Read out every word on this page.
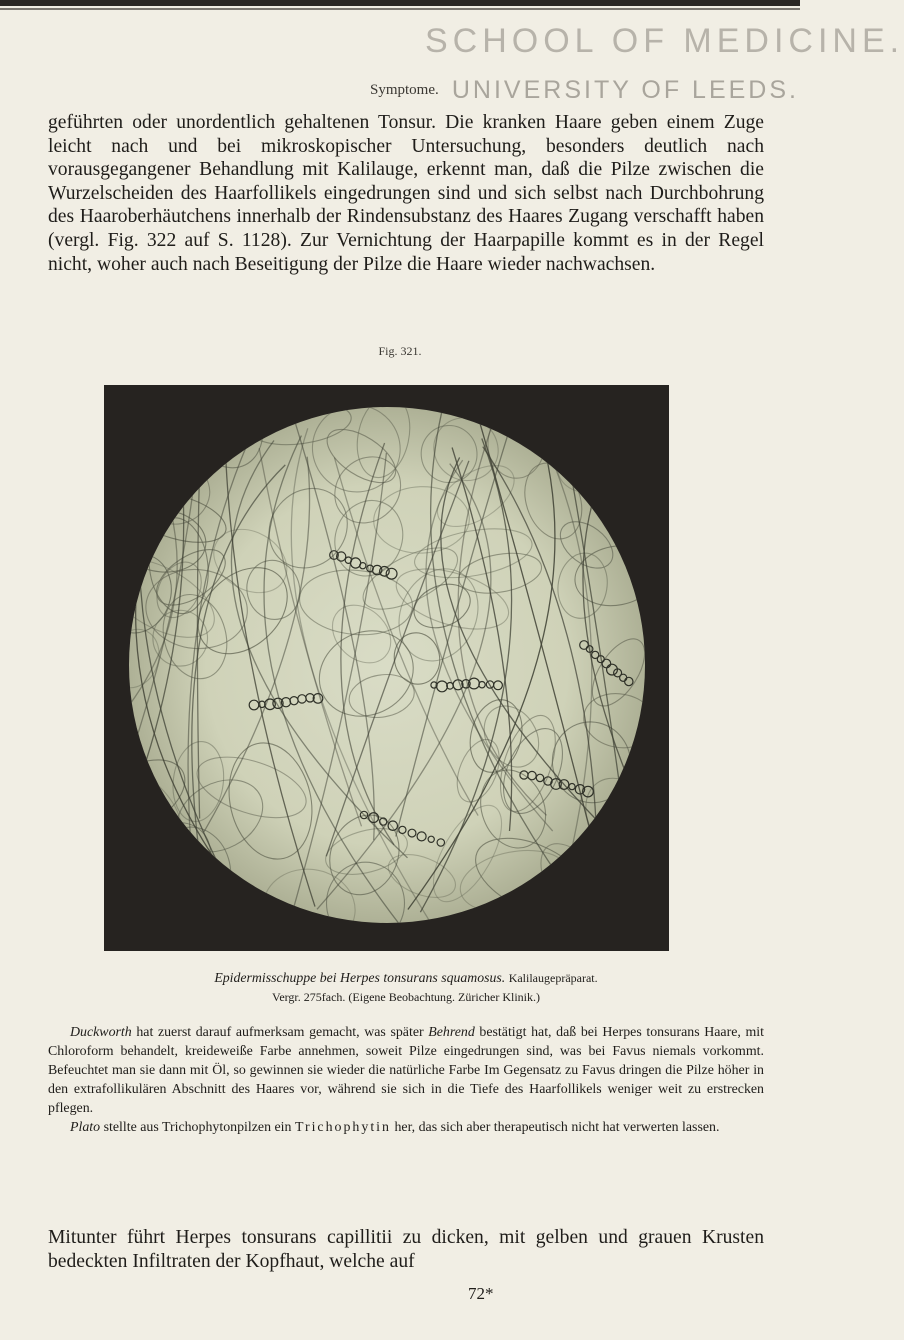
SCHOOL OF MEDICINE.
Symptome. UNIVERSITY OF LEEDS.

geführten oder unordentlich gehaltenen Tonsur. Die kranken Haare geben einem Zuge leicht nach und bei mikroskopischer Untersuchung, besonders deutlich nach vorausgegangener Behandlung mit Kalilauge, erkennt man, daß die Pilze zwischen die Wurzelscheiden des Haarfollikels eingedrungen sind und sich selbst nach Durchbohrung des Haaroberhäutchens innerhalb der Rindensubstanz des Haares Zugang verschafft haben (vergl. Fig. 322 auf S. 1128). Zur Vernichtung der Haarpapille kommt es in der Regel nicht, woher auch nach Beseitigung der Pilze die Haare wieder nachwachsen.

Fig. 321.
Epidermisschuppe bei Herpes tonsurans squamosus. Kalilaugepräparat.
Vergr. 275fach. (Eigene Beobachtung. Züricher Klinik.)

Duckworth hat zuerst darauf aufmerksam gemacht, was später Behrend bestätigt hat, daß bei Herpes tonsurans Haare, mit Chloroform behandelt, kreideweiße Farbe annehmen, soweit Pilze eingedrungen sind, was bei Favus niemals vorkommt. Befeuchtet man sie dann mit Öl, so gewinnen sie wieder die natürliche Farbe Im Gegensatz zu Favus dringen die Pilze höher in den extrafollikulären Abschnitt des Haares vor, während sie sich in die Tiefe des Haarfollikels weniger weit zu erstrecken pflegen.

Plato stellte aus Trichophytonpilzen ein Trichophytin her, das sich aber therapeutisch nicht hat verwerten lassen.

Mitunter führt Herpes tonsurans capillitii zu dicken, mit gelben und grauen Krusten bedeckten Infiltraten der Kopfhaut, welche auf

72*
